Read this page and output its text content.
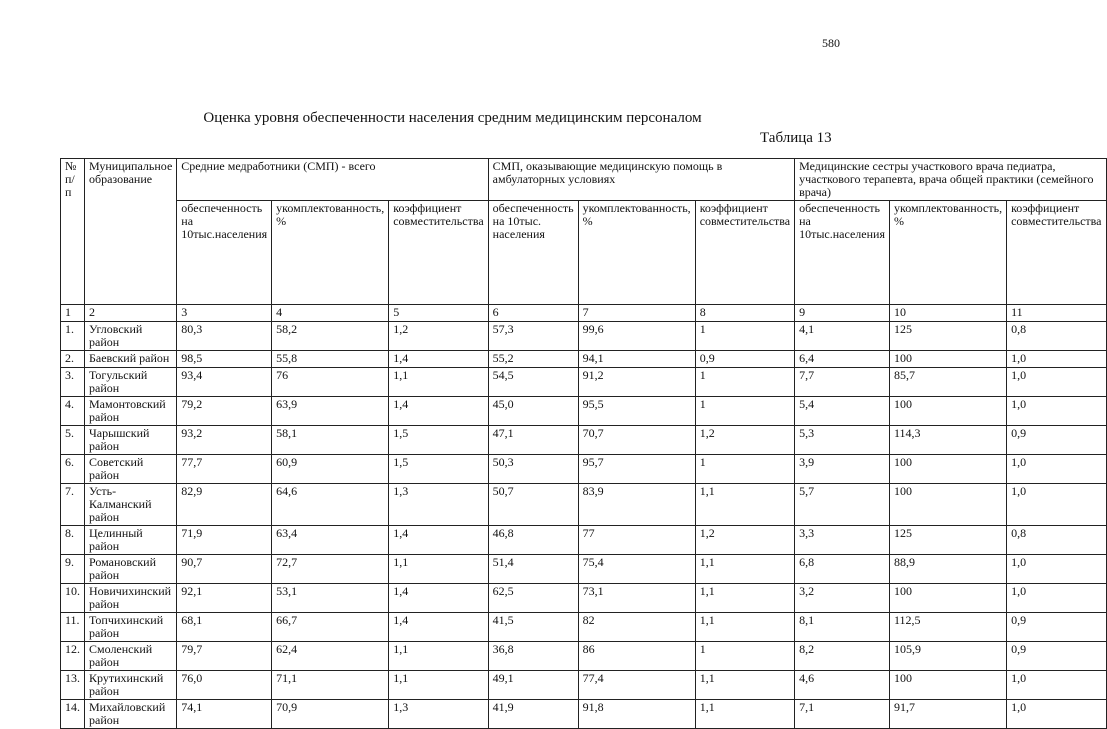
580
Оценка уровня обеспеченности населения средним медицинским персоналом
Таблица 13
№ п/п	Муниципальное образование	Средние медработники (СМП) - всего			СМП, оказывающие медицинскую помощь в амбулаторных условиях			Медицинские сестры участкового врача педиатра, участкового терапевта, врача общей практики (семейного врача)		
		обеспеченность на 10тыс.населения	укомплектованность, %	коэффициент совместительства	обеспеченность на 10тыс. населения	укомплектованность, %	коэффициент совместительства	обеспеченность на 10тыс.населения	укомплектованность, %	коэффициент совместительства
1	2	3	4	5	6	7	8	9	10	11
1.	Угловский район	80,3	58,2	1,2	57,3	99,6	1	4,1	125	0,8
2.	Баевский район	98,5	55,8	1,4	55,2	94,1	0,9	6,4	100	1,0
3.	Тогульский район	93,4	76	1,1	54,5	91,2	1	7,7	85,7	1,0
4.	Мамонтовский район	79,2	63,9	1,4	45,0	95,5	1	5,4	100	1,0
5.	Чарышский район	93,2	58,1	1,5	47,1	70,7	1,2	5,3	114,3	0,9
6.	Советский район	77,7	60,9	1,5	50,3	95,7	1	3,9	100	1,0
7.	Усть-Калманский район	82,9	64,6	1,3	50,7	83,9	1,1	5,7	100	1,0
8.	Целинный район	71,9	63,4	1,4	46,8	77	1,2	3,3	125	0,8
9.	Романовский район	90,7	72,7	1,1	51,4	75,4	1,1	6,8	88,9	1,0
10.	Новичихинский район	92,1	53,1	1,4	62,5	73,1	1,1	3,2	100	1,0
11.	Топчихинский район	68,1	66,7	1,4	41,5	82	1,1	8,1	112,5	0,9
12.	Смоленский район	79,7	62,4	1,1	36,8	86	1	8,2	105,9	0,9
13.	Крутихинский район	76,0	71,1	1,1	49,1	77,4	1,1	4,6	100	1,0
14.	Михайловский район	74,1	70,9	1,3	41,9	91,8	1,1	7,1	91,7	1,0
